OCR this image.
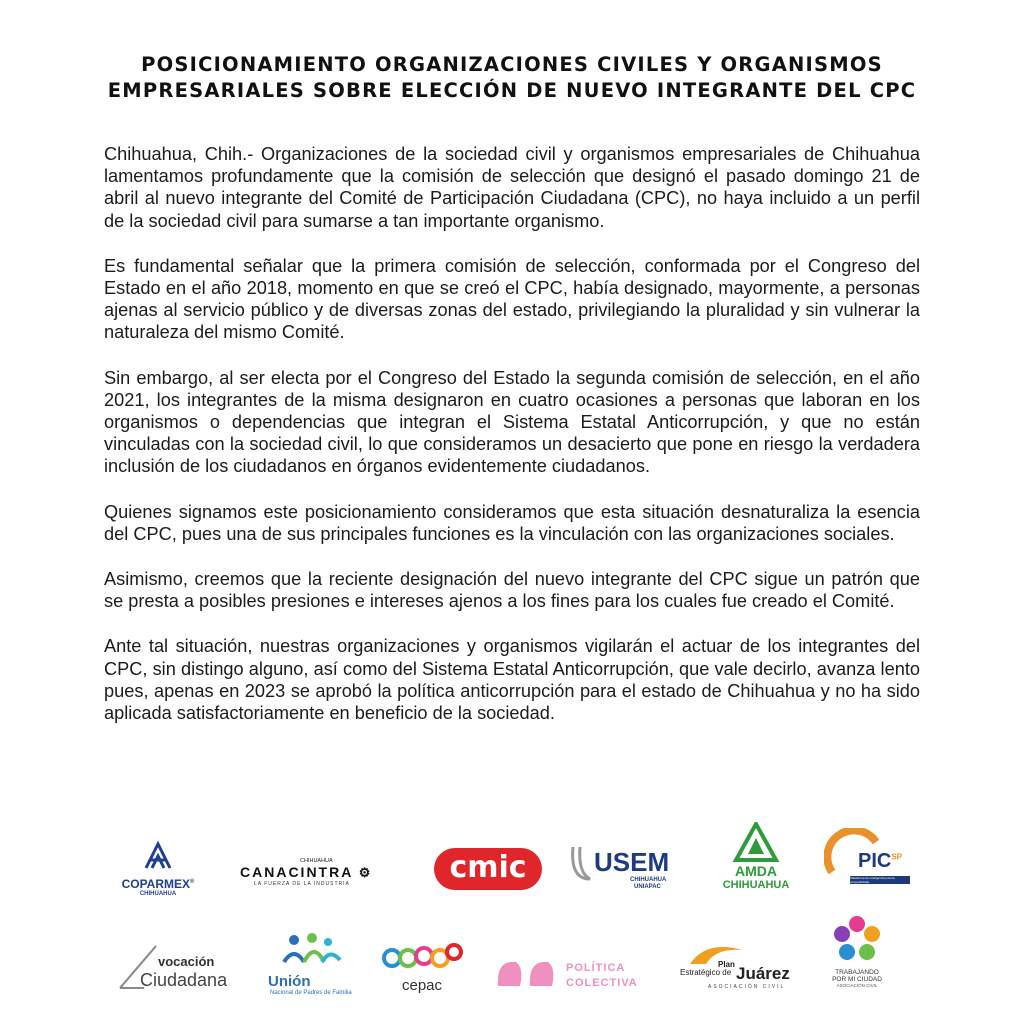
POSICIONAMIENTO ORGANIZACIONES CIVILES Y ORGANISMOS
EMPRESARIALES SOBRE ELECCIÓN DE NUEVO INTEGRANTE DEL CPC

Chihuahua, Chih.- Organizaciones de la sociedad civil y organismos empresariales de Chihuahua lamentamos profundamente que la comisión de selección que designó el pasado domingo 21 de abril al nuevo integrante del Comité de Participación Ciudadana (CPC), no haya incluido a un perfil de la sociedad civil para sumarse a tan importante organismo.

Es fundamental señalar que la primera comisión de selección, conformada por el Congreso del Estado en el año 2018, momento en que se creó el CPC, había designado, mayormente, a personas ajenas al servicio público y de diversas zonas del estado, privilegiando la pluralidad y sin vulnerar la naturaleza del mismo Comité.

Sin embargo, al ser electa por el Congreso del Estado la segunda comisión de selección, en el año 2021, los integrantes de la misma designaron en cuatro ocasiones a personas que laboran en los organismos o dependencias que integran el Sistema Estatal Anticorrupción, y que no están vinculadas con la sociedad civil, lo que consideramos un desacierto que pone en riesgo la verdadera inclusión de los ciudadanos en órganos evidentemente ciudadanos.

Quienes signamos este posicionamiento consideramos que esta situación desnaturaliza la esencia del CPC, pues una de sus principales funciones es la vinculación con las organizaciones sociales.

Asimismo, creemos que la reciente designación del nuevo integrante del CPC sigue un patrón que se presta a posibles presiones e intereses ajenos a los fines para los cuales fue creado el Comité.

Ante tal situación, nuestras organizaciones y organismos vigilarán el actuar de los integrantes del CPC, sin distingo alguno, así como del Sistema Estatal Anticorrupción, que vale decirlo, avanza lento pues, apenas en 2023 se aprobó la política anticorrupción para el estado de Chihuahua y no ha sido aplicada satisfactoriamente en beneficio de la sociedad.

COPARMEX®
CHIHUAHUA
CHIHUAHUA
CANACINTRA ⚙
LA FUERZA DE LA INDUSTRIA	cmic	USEM
CHIHUAHUA
UNIAPAC
AMDA
CHIHUAHUA
$PIC^{SP}$
Plataforma de Inteligencia para la competitividad
vocación
Ciudadana	Unión
Nacional de Padres de Familia	cepac
POLÍTICA
COLECTIVA
Plan
Estratégico de Juárez
ASOCIACIÓN CIVIL
TRABAJANDO
POR MI CIUDAD
ASOCIACIÓN CIVIL
